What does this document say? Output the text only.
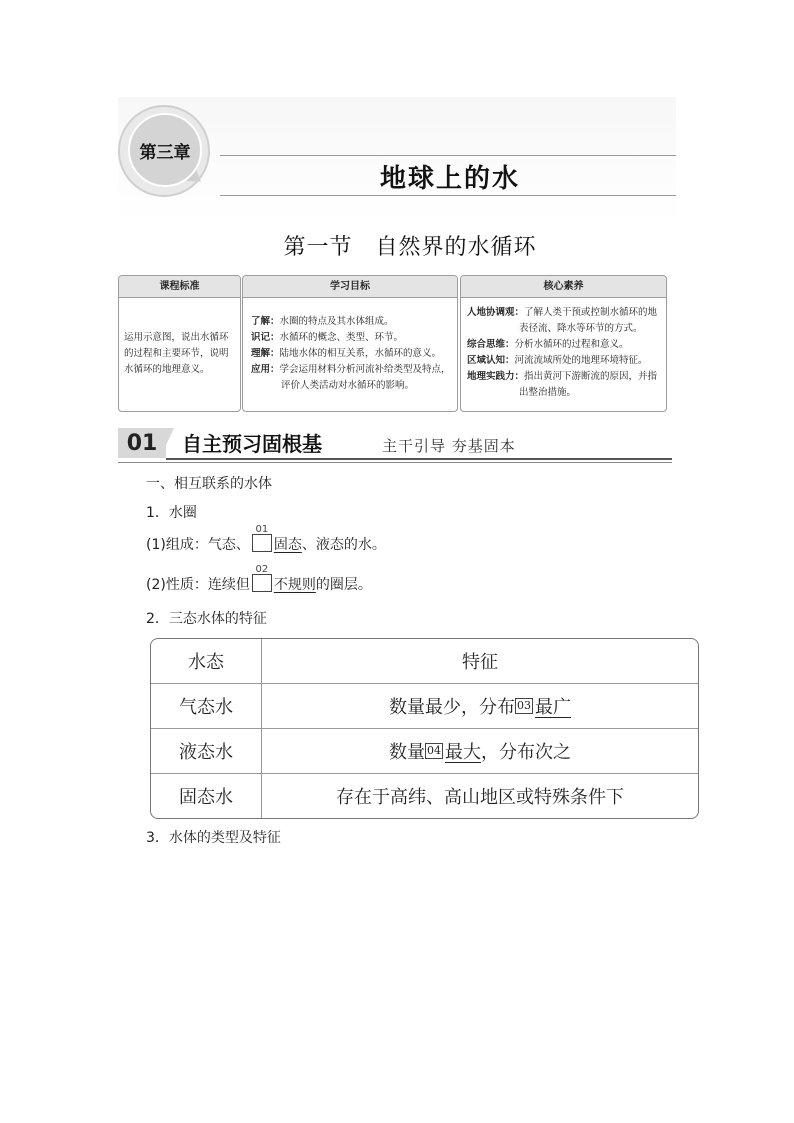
第三章
地球上的水
第一节　自然界的水循环
课程标准
运用示意图，说出水循环的过程和主要环节，说明水循环的地理意义。
学习目标
了解：水圈的特点及其水体组成。
识记：水循环的概念、类型、环节。
理解：陆地水体的相互关系，水循环的意义。
应用：学会运用材料分析河流补给类型及特点，评价人类活动对水循环的影响。
核心素养
人地协调观：了解人类干预或控制水循环的地表径流、降水等环节的方式。
综合思维：分析水循环的过程和意义。
区域认知：河流流域所处的地理环境特征。
地理实践力：指出黄河下游断流的原因，并指出整治措施。
01	自主预习固根基	主干引导 夯基固本
一、相互联系的水体
1．水圈
(1)组成：气态、
01
固态、液态的水。
(2)性质：连续但
02
不规则的圈层。
2．三态水体的特征
水态	特征
气态水	数量最少，分布 03 最广
液态水	数量 04 最大 ，分布次之
固态水	存在于高纬、高山地区或特殊条件下
3．水体的类型及特征
